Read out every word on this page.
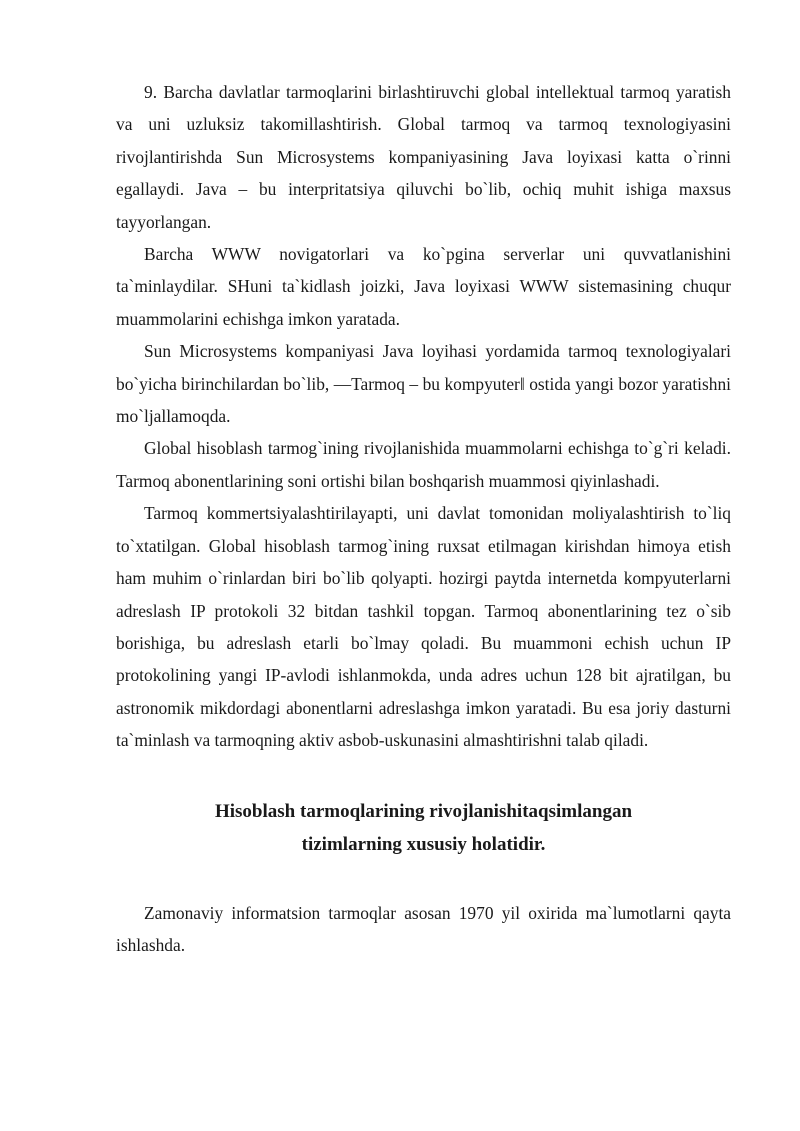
9. Barcha davlatlar tarmoqlarini birlashtiruvchi global intellektual tarmoq yaratish va uni uzluksiz takomillashtirish. Global tarmoq va tarmoq texnologiyasini rivojlantirishda Sun Microsystems kompaniyasining Java loyixasi katta o`rinni egallaydi. Java – bu interpritatsiya qiluvchi bo`lib, ochiq muhit ishiga maxsus tayyorlangan.

Barcha WWW novigatorlari va ko`pgina serverlar uni quvvatlanishini ta`minlaydilar. SHuni ta`kidlash joizki, Java loyixasi WWW sistemasining chuqur muammolarini echishga imkon yaratada.

Sun Microsystems kompaniyasi Java loyihasi yordamida tarmoq texnologiyalari bo`yicha birinchilardan bo`lib, ―Tarmoq – bu kompyuter‖ ostida yangi bozor yaratishni mo`ljallamoqda.

Global hisoblash tarmog`ining rivojlanishida muammolarni echishga to`g`ri keladi. Tarmoq abonentlarining soni ortishi bilan boshqarish muammosi qiyinlashadi.

Tarmoq kommertsiyalashtirilayapti, uni davlat tomonidan moliyalashtirish to`liq to`xtatilgan. Global hisoblash tarmog`ining ruxsat etilmagan kirishdan himoya etish ham muhim o`rinlardan biri bo`lib qolyapti. hozirgi paytda internetda kompyuterlarni adreslash IP protokoli 32 bitdan tashkil topgan. Tarmoq abonentlarining tez o`sib borishiga, bu adreslash etarli bo`lmay qoladi. Bu muammoni echish uchun IP protokolining yangi IP-avlodi ishlanmokda, unda adres uchun 128 bit ajratilgan, bu astronomik mikdordagi abonentlarni adreslashga imkon yaratadi. Bu esa joriy dasturni ta`minlash va tarmoqning aktiv asbob-uskunasini almashtirishni talab qiladi.

Hisoblash tarmoqlarining rivojlanishitaqsimlangan
tizimlarning xususiy holatidir.

Zamonaviy informatsion tarmoqlar asosan 1970 yil oxirida ma`lumotlarni qayta ishlashda.
